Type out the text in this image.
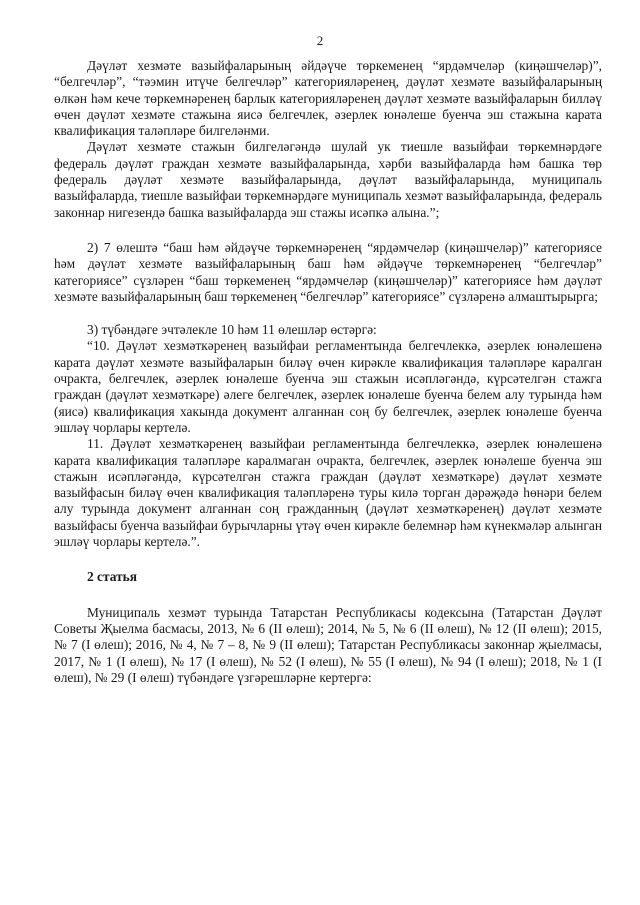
2

Дәүләт хезмәте вазыйфаларының әйдәүче төркеменең “ярдәмчеләр (киңәшчеләр)”, “белгечләр”, “тәэмин итүче белгечләр” категорияләренең, дәүләт хезмәте вазыйфаларының өлкән һәм кече төркемнәренең барлык категорияләренең дәүләт хезмәте вазыйфаларын билләү өчен дәүләт хезмәте стажына яисә белгечлек, әзерлек юнәлеше буенча эш стажына карата квалификация таләпләре билгеләнми.

Дәүләт хезмәте стажын билгеләгәндә шулай ук тиешле вазыйфаи төркемнәрдәге федераль дәүләт граждан хезмәте вазыйфаларында, хәрби вазыйфаларда һәм башка төр федераль дәүләт хезмәте вазыйфаларында, дәүләт вазыйфаларында, муниципаль вазыйфаларда, тиешле вазыйфаи төркемнәрдәге муниципаль хезмәт вазыйфаларында, федераль законнар нигезендә башка вазыйфаларда эш стажы исәпкә алына.”;

2) 7 өлештә “баш һәм әйдәүче төркемнәренең “ярдәмчеләр (киңәшчеләр)” категориясе һәм дәүләт хезмәте вазыйфаларының баш һәм әйдәүче төркемнәренең “белгечләр” категориясе” сүзләрен “баш төркеменең “ярдәмчеләр (киңәшчеләр)” категориясе һәм дәүләт хезмәте вазыйфаларының баш төркеменең “белгечләр” категориясе” сүзләренә алмаштырырга;

3) түбәндәге эчтәлекле 10 һәм 11 өлешләр өстәргә:

“10. Дәүләт хезмәткәренең вазыйфаи регламентында белгечлеккә, әзерлек юнәлешенә карата дәүләт хезмәте вазыйфаларын биләү өчен кирәкле квалификация таләпләре каралган очракта, белгечлек, әзерлек юнәлеше буенча эш стажын исәпләгәндә, күрсәтелгән стажга граждан (дәүләт хезмәткәре) әлеге белгечлек, әзерлек юнәлеше буенча белем алу турында һәм (яисә) квалификация хакында документ алганнан соң бу белгечлек, әзерлек юнәлеше буенча эшләү чорлары кертелә.

11. Дәүләт хезмәткәренең вазыйфаи регламентында белгечлеккә, әзерлек юнәлешенә карата квалификация таләпләре каралмаган очракта, белгечлек, әзерлек юнәлеше буенча эш стажын исәпләгәндә, күрсәтелгән стажга граждан (дәүләт хезмәткәре) дәүләт хезмәте вазыйфасын биләү өчен квалификация таләпләренә туры килә торган дәрәҗәдә һөнәри белем алу турында документ алганнан соң гражданның (дәүләт хезмәткәренең) дәүләт хезмәте вазыйфасы буенча вазыйфаи бурычларны үтәү өчен кирәкле белемнәр һәм күнекмәләр алынган эшләү чорлары кертелә.”.

2 статья

Муниципаль хезмәт турында Татарстан Республикасы кодексына (Татарстан Дәүләт Советы Җыелма басмасы, 2013, № 6 (II өлеш); 2014, № 5, № 6 (II өлеш), № 12 (II өлеш); 2015, № 7 (I өлеш); 2016, № 4, № 7 – 8, № 9 (II өлеш); Татарстан Республикасы законнар җыелмасы, 2017, № 1 (I өлеш), № 17 (I өлеш), № 52 (I өлеш), № 55 (I өлеш), № 94 (I өлеш); 2018, № 1 (I өлеш), № 29 (I өлеш) түбәндәге үзгәрешләрне кертергә:
